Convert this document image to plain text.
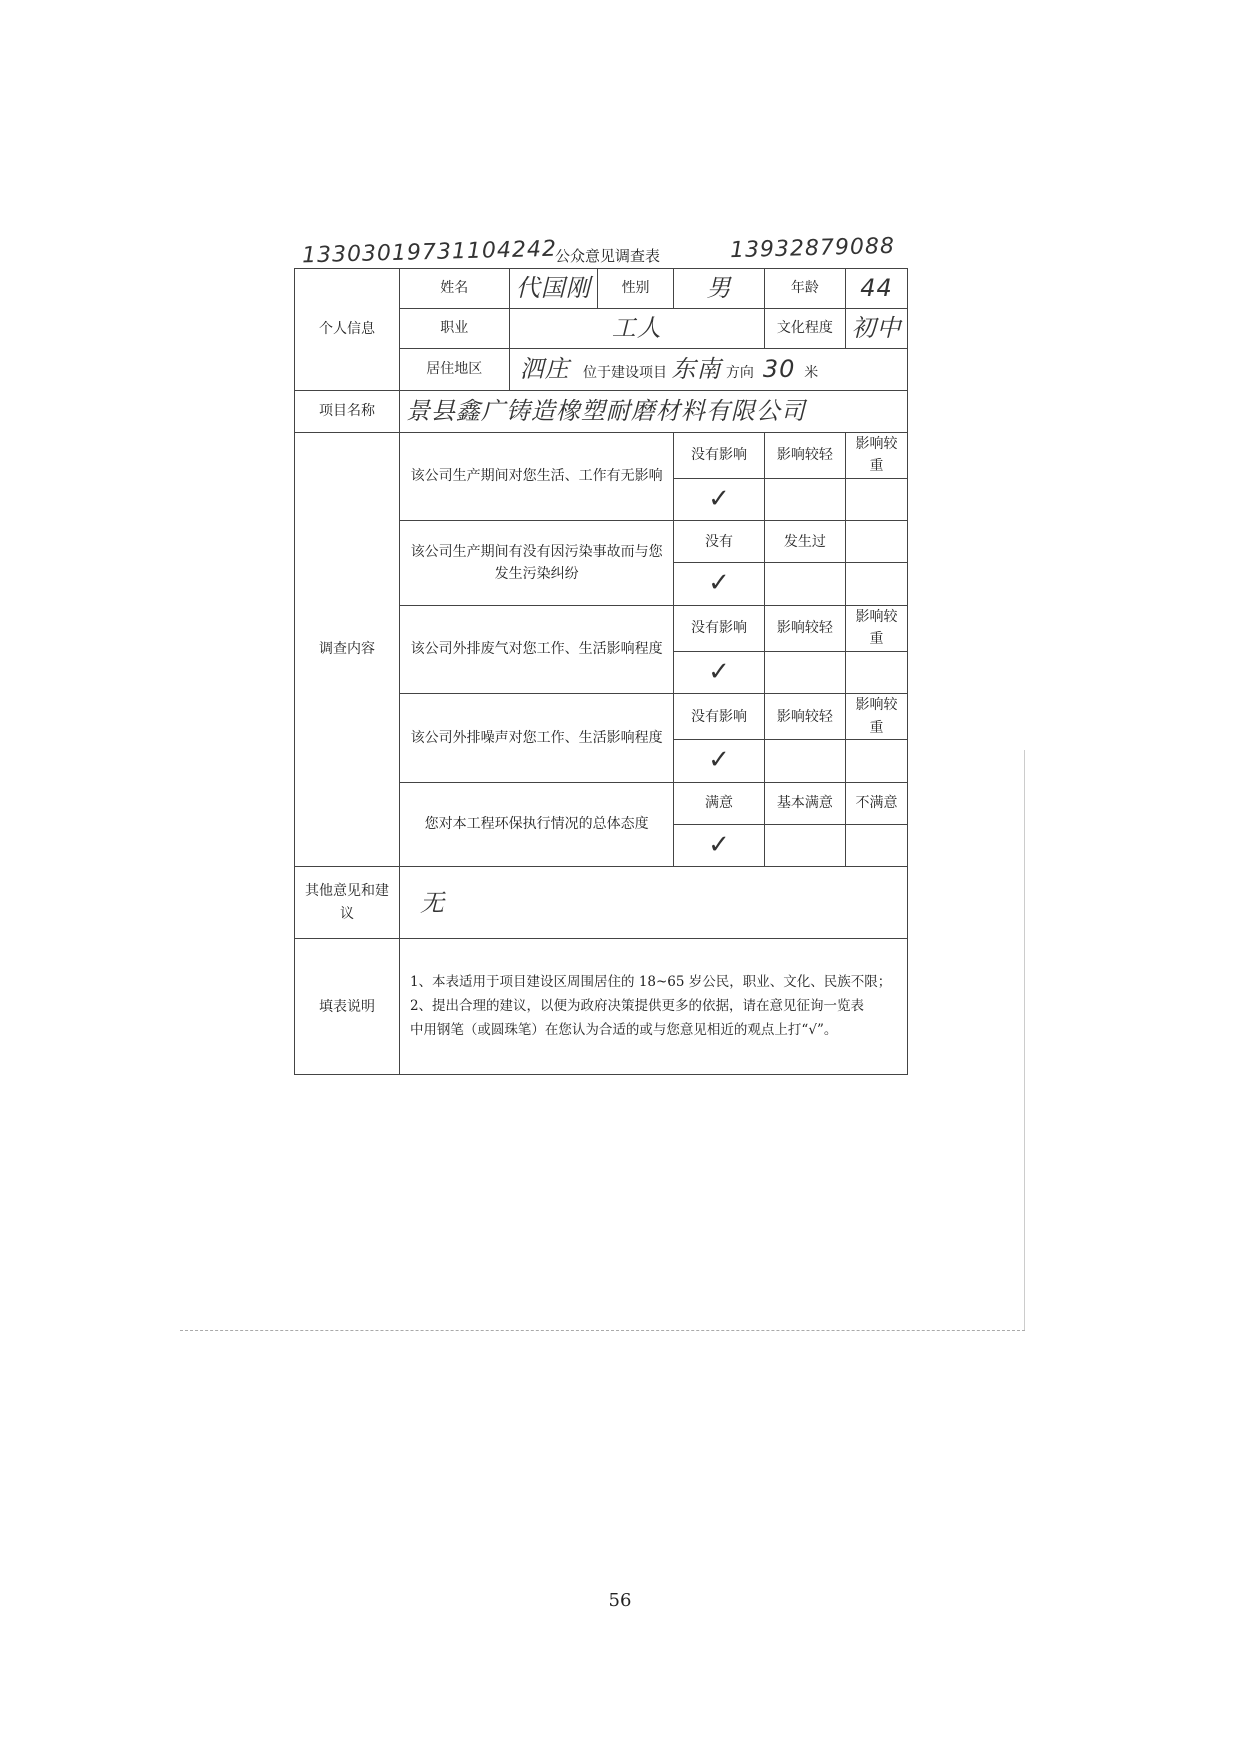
13303019731104242
公众意见调查表	13932879088
个人信息	姓名	代国刚	性别	男	年龄	44
	职业	工人			文化程度	初中
	居住地区	泗庄 位于建设项目 东南 方向 30 米				
项目名称	景县鑫广铸造橡塑耐磨材料有限公司					
调查内容	该公司生产期间对您生活、工作有无影响			没有影响	影响较轻	影响较重
				✓		
	该公司生产期间有没有因污染事故而与您发生污染纠纷			没有	发生过	
				✓		
	该公司外排废气对您工作、生活影响程度			没有影响	影响较轻	影响较重
				✓		
	该公司外排噪声对您工作、生活影响程度			没有影响	影响较轻	影响较重
				✓		
	您对本工程环保执行情况的总体态度			满意	基本满意	不满意
				✓		
其他意见和建议	无					
填表说明	1、本表适用于项目建设区周围居住的 18~65 岁公民，职业、文化、民族不限；
2、提出合理的建议，以便为政府决策提供更多的依据，请在意见征询一览表
中用钢笔（或圆珠笔）在您认为合适的或与您意见相近的观点上打“√”。					
56
